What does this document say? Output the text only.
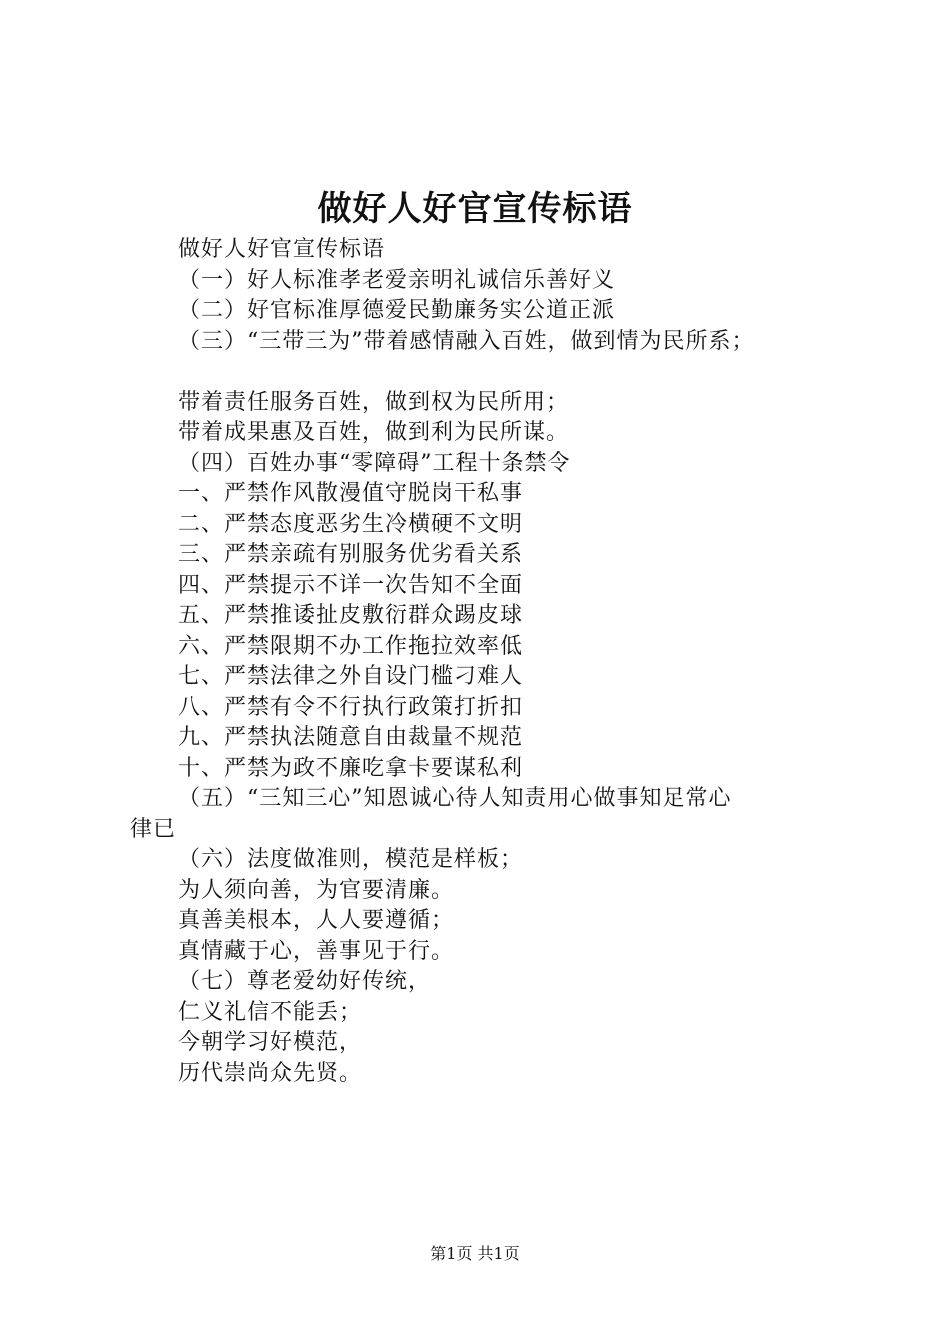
做好人好官宣传标语
做好人好官宣传标语
（一）好人标准孝老爱亲明礼诚信乐善好义
（二）好官标准厚德爱民勤廉务实公道正派
（三）“三带三为”带着感情融入百姓，做到情为民所系；
带着责任服务百姓，做到权为民所用；
带着成果惠及百姓，做到利为民所谋。
（四）百姓办事“零障碍”工程十条禁令
一、严禁作风散漫值守脱岗干私事
二、严禁态度恶劣生冷横硬不文明
三、严禁亲疏有别服务优劣看关系
四、严禁提示不详一次告知不全面
五、严禁推诿扯皮敷衍群众踢皮球
六、严禁限期不办工作拖拉效率低
七、严禁法律之外自设门槛刁难人
八、严禁有令不行执行政策打折扣
九、严禁执法随意自由裁量不规范
十、严禁为政不廉吃拿卡要谋私利
（五）“三知三心”知恩诚心待人知责用心做事知足常心
律已
（六）法度做准则，模范是样板；
为人须向善，为官要清廉。
真善美根本，人人要遵循；
真情藏于心，善事见于行。
（七）尊老爱幼好传统，
仁义礼信不能丢；
今朝学习好模范，
历代崇尚众先贤。
第1页 共1页
